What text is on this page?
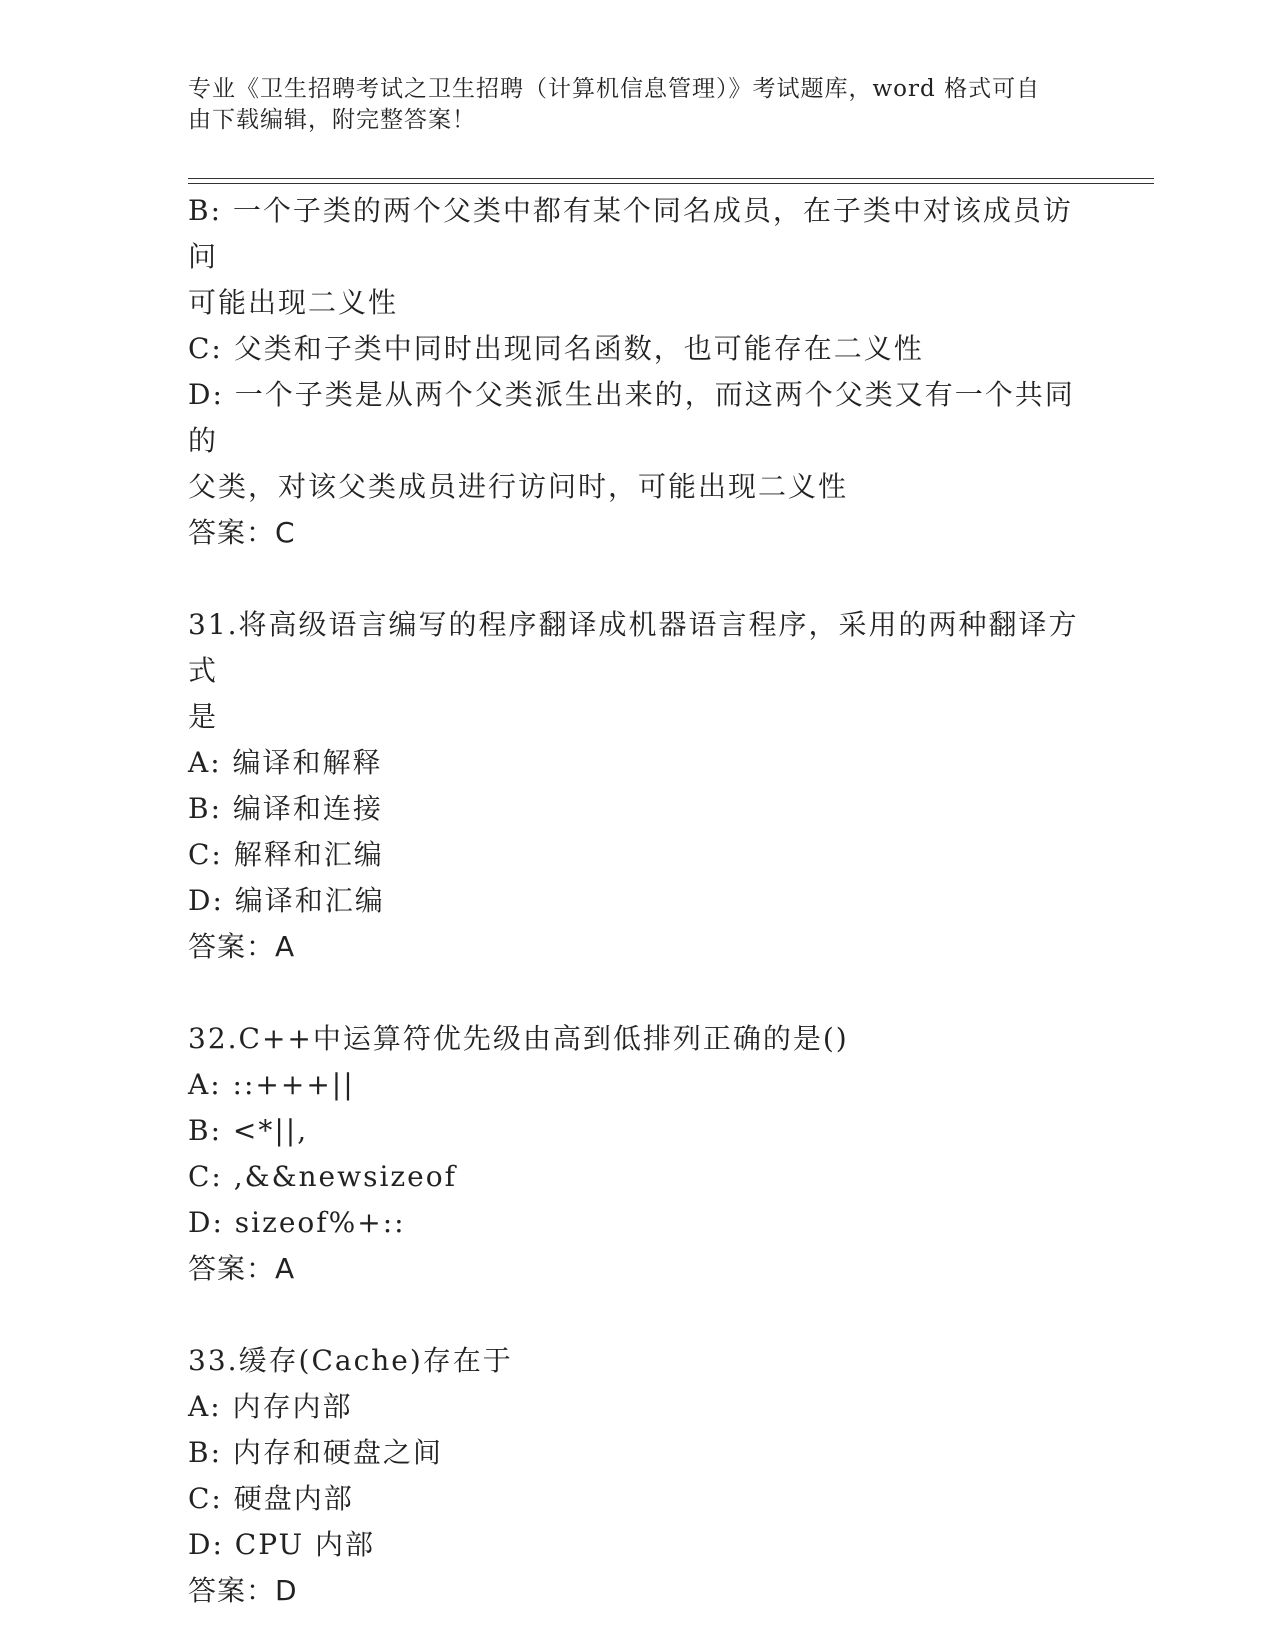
专业《卫生招聘考试之卫生招聘（计算机信息管理）》考试题库，word 格式可自
由下载编辑，附完整答案！
B: 一个子类的两个父类中都有某个同名成员，在子类中对该成员访问
可能出现二义性
C: 父类和子类中同时出现同名函数，也可能存在二义性
D: 一个子类是从两个父类派生出来的，而这两个父类又有一个共同的
父类，对该父类成员进行访问时，可能出现二义性
答案：C
31.将高级语言编写的程序翻译成机器语言程序，采用的两种翻译方式
是
A: 编译和解释
B: 编译和连接
C: 解释和汇编
D: 编译和汇编
答案：A
32.C++中运算符优先级由高到低排列正确的是()
A: ::+++||
B: <*||,
C: ,&&newsizeof
D: sizeof%+::
答案：A
33.缓存(Cache)存在于
A: 内存内部
B: 内存和硬盘之间
C: 硬盘内部
D: CPU 内部
答案：D
